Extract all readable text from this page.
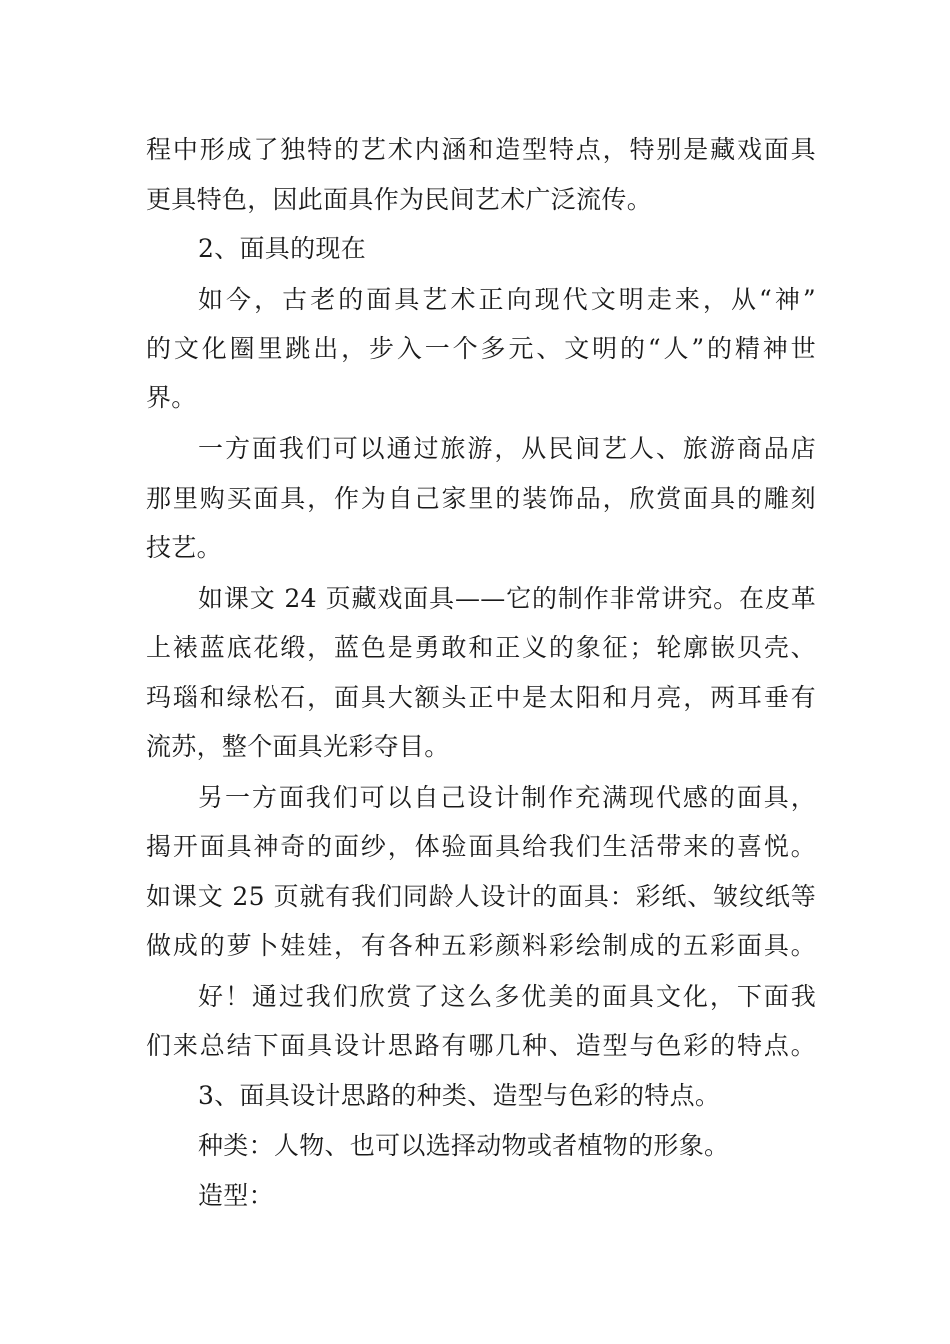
程中形成了独特的艺术内涵和造型特点，特别是藏戏面具
更具特色，因此面具作为民间艺术广泛流传。
2、面具的现在
如今，古老的面具艺术正向现代文明走来，从“神”
的文化圈里跳出，步入一个多元、文明的“人”的精神世
界。
一方面我们可以通过旅游，从民间艺人、旅游商品店
那里购买面具，作为自己家里的装饰品，欣赏面具的雕刻
技艺。
如课文 24 页藏戏面具——它的制作非常讲究。在皮革
上裱蓝底花缎，蓝色是勇敢和正义的象征；轮廓嵌贝壳、
玛瑙和绿松石，面具大额头正中是太阳和月亮，两耳垂有
流苏，整个面具光彩夺目。
另一方面我们可以自己设计制作充满现代感的面具，
揭开面具神奇的面纱，体验面具给我们生活带来的喜悦。
如课文 25 页就有我们同龄人设计的面具：彩纸、皱纹纸等
做成的萝卜娃娃，有各种五彩颜料彩绘制成的五彩面具。
好！通过我们欣赏了这么多优美的面具文化，下面我
们来总结下面具设计思路有哪几种、造型与色彩的特点。
3、面具设计思路的种类、造型与色彩的特点。
种类：人物、也可以选择动物或者植物的形象。
造型：
